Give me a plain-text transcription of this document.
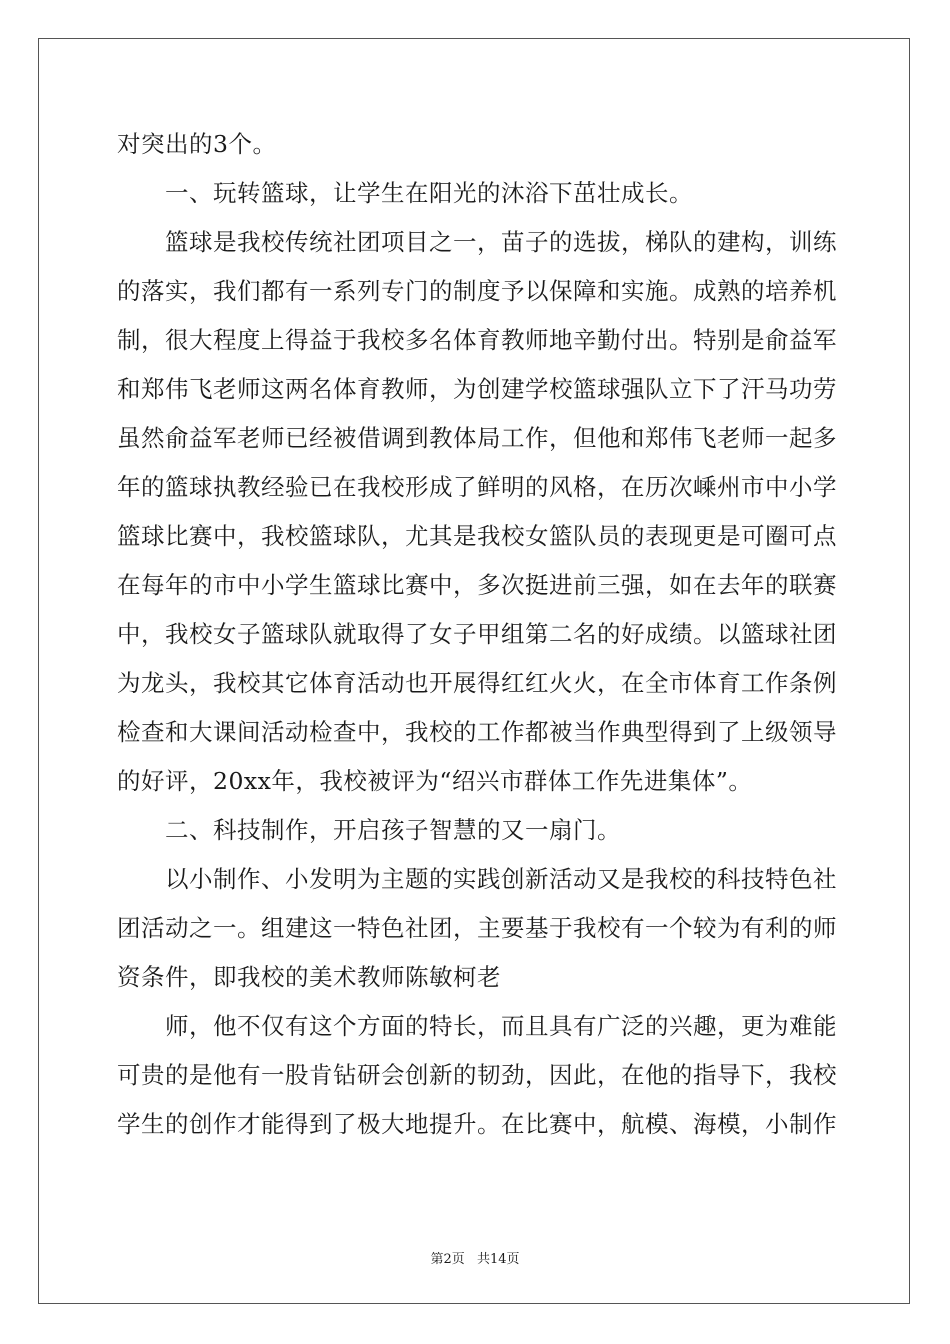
对突出的3个。
　　一、玩转篮球，让学生在阳光的沐浴下茁壮成长。
　　篮球是我校传统社团项目之一，苗子的选拔，梯队的建构，训练
的落实，我们都有一系列专门的制度予以保障和实施。成熟的培养机
制，很大程度上得益于我校多名体育教师地辛勤付出。特别是俞益军
和郑伟飞老师这两名体育教师，为创建学校篮球强队立下了汗马功劳
虽然俞益军老师已经被借调到教体局工作，但他和郑伟飞老师一起多
年的篮球执教经验已在我校形成了鲜明的风格，在历次嵊州市中小学
篮球比赛中，我校篮球队，尤其是我校女篮队员的表现更是可圈可点
在每年的市中小学生篮球比赛中，多次挺进前三强，如在去年的联赛
中，我校女子篮球队就取得了女子甲组第二名的好成绩。以篮球社团
为龙头，我校其它体育活动也开展得红红火火，在全市体育工作条例
检查和大课间活动检查中，我校的工作都被当作典型得到了上级领导
的好评，20xx年，我校被评为“绍兴市群体工作先进集体”。
　　二、科技制作，开启孩子智慧的又一扇门。
　　以小制作、小发明为主题的实践创新活动又是我校的科技特色社
团活动之一。组建这一特色社团，主要基于我校有一个较为有利的师
资条件，即我校的美术教师陈敏柯老
　　师，他不仅有这个方面的特长，而且具有广泛的兴趣，更为难能
可贵的是他有一股肯钻研会创新的韧劲，因此，在他的指导下，我校
学生的创作才能得到了极大地提升。在比赛中，航模、海模，小制作
第2页 共14页
